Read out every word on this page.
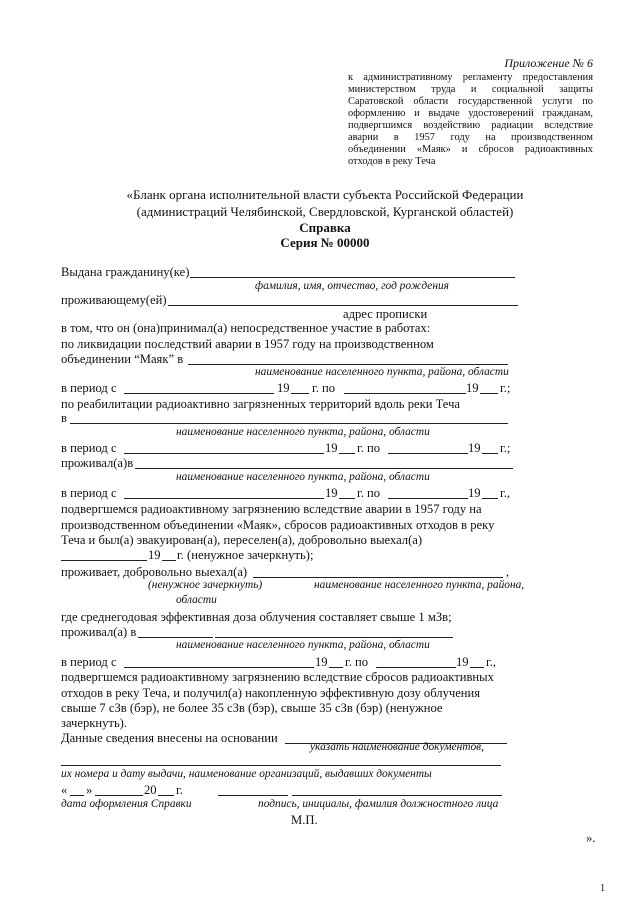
Приложение № 6
к административному регламенту предоставления
министерством труда и социальной защиты
Саратовской области государственной услуги по
оформлению и выдаче удостоверений гражданам,
подвергшимся воздействию радиации вследствие
аварии в 1957 году на производственном
объединении «Маяк» и сбросов радиоактивных
отходов в реку Теча
«Бланк органа исполнительной власти субъекта Российской Федерации
(администраций Челябинской, Свердловской, Курганской областей)
Справка
Серия № 00000
Выдана гражданину(ке)
фамилия, имя, отчество, год рождения
проживающему(ей)
адрес прописки
в том, что он (она)принимал(а) непосредственное участие в работах:
по ликвидации последствий аварии в 1957 году на производственном
объединении “Маяк” в
наименование населенного пункта, района, области
в период с	19 г. по	19 г.;
по реабилитации радиоактивно загрязненных территорий вдоль реки Теча
в
наименование населенного пункта, района, области
в период с	19 г. по	19 г.;
проживал(а)в
наименование населенного пункта, района, области
в период с	19 г. по	19 г.,
подвергшемся радиоактивному загрязнению вследствие аварии в 1957 году на
производственном объединении «Маяк», сбросов радиоактивных отходов в реку
Теча и был(а) эвакуирован(а), переселен(а), добровольно выехал(а)
19 г. (ненужное зачеркнуть);
проживает, добровольно выехал(а)	,
(ненужное зачеркнуть)	наименование населенного пункта, района,
области
где среднегодовая эффективная доза облучения составляет свыше 1 мЗв;
проживал(а) в
наименование населенного пункта, района, области
в период с	19 г. по	19 г.,
подвергшемся радиоактивному загрязнению вследствие сбросов радиоактивных
отходов в реку Теча, и получил(а) накопленную эффективную дозу облучения
свыше 7 сЗв (бэр), не более 35 сЗв (бэр), свыше 35 сЗв (бэр) (ненужное
зачеркнуть).
Данные сведения внесены на основании
указать наименование документов,
их номера и дату выдачи, наименование организаций, выдавших документы
« »	20 г.
дата оформления Справки	подпись, инициалы, фамилия должностного лица
М.П.
».
1
